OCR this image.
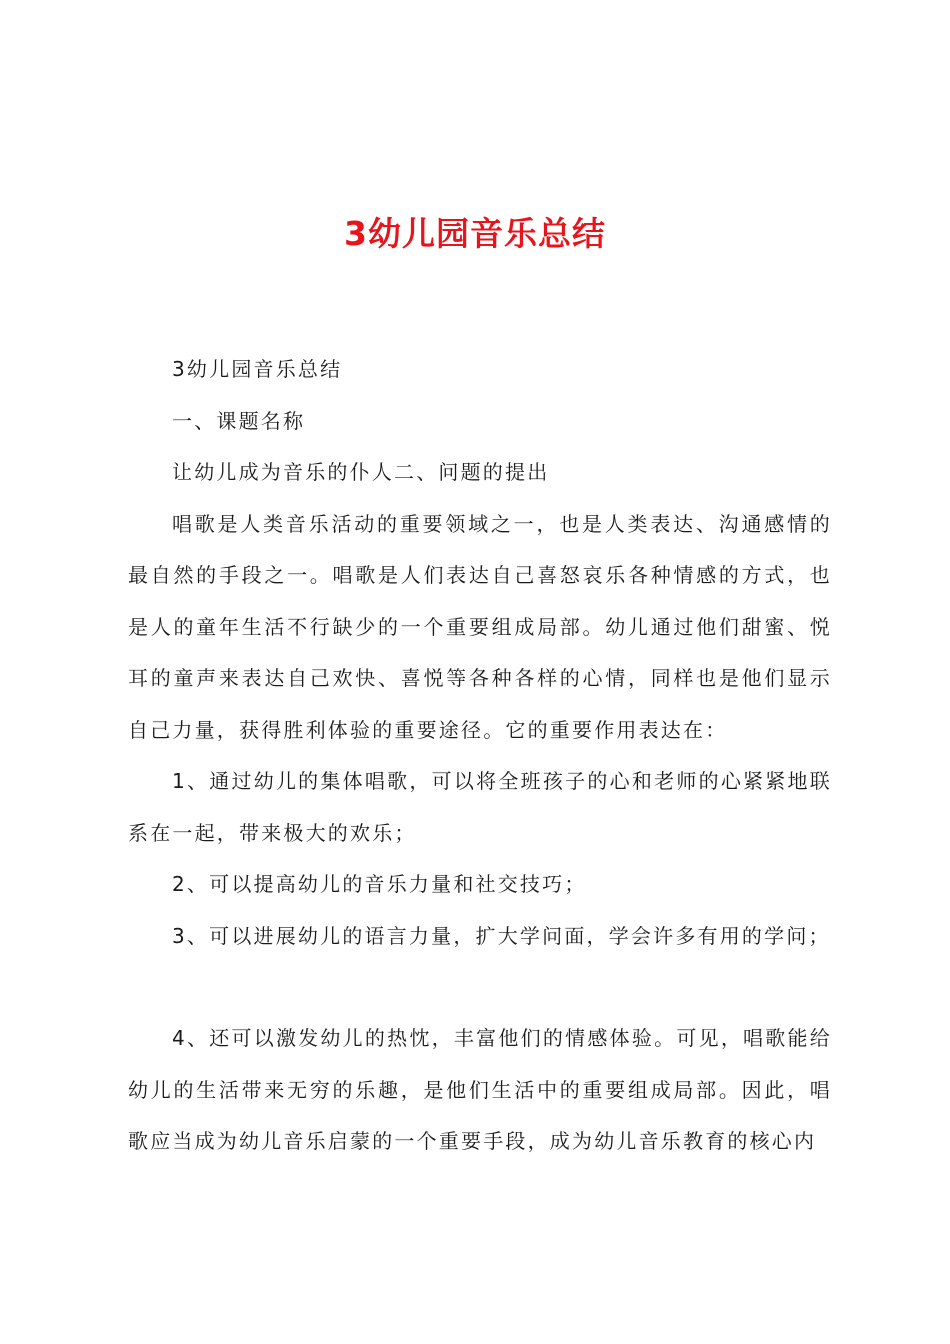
3幼儿园音乐总结

3幼儿园音乐总结

一、课题名称

让幼儿成为音乐的仆人二、问题的提出

唱歌是人类音乐活动的重要领域之一，也是人类表达、沟通感情的最自然的手段之一。唱歌是人们表达自己喜怒哀乐各种情感的方式，也是人的童年生活不行缺少的一个重要组成局部。幼儿通过他们甜蜜、悦耳的童声来表达自己欢快、喜悦等各种各样的心情，同样也是他们显示自己力量，获得胜利体验的重要途径。它的重要作用表达在：

1、通过幼儿的集体唱歌，可以将全班孩子的心和老师的心紧紧地联系在一起，带来极大的欢乐；

2、可以提高幼儿的音乐力量和社交技巧；

3、可以进展幼儿的语言力量，扩大学问面，学会许多有用的学问；

4、还可以激发幼儿的热忱，丰富他们的情感体验。可见，唱歌能给幼儿的生活带来无穷的乐趣，是他们生活中的重要组成局部。因此，唱歌应当成为幼儿音乐启蒙的一个重要手段，成为幼儿音乐教育的核心内
